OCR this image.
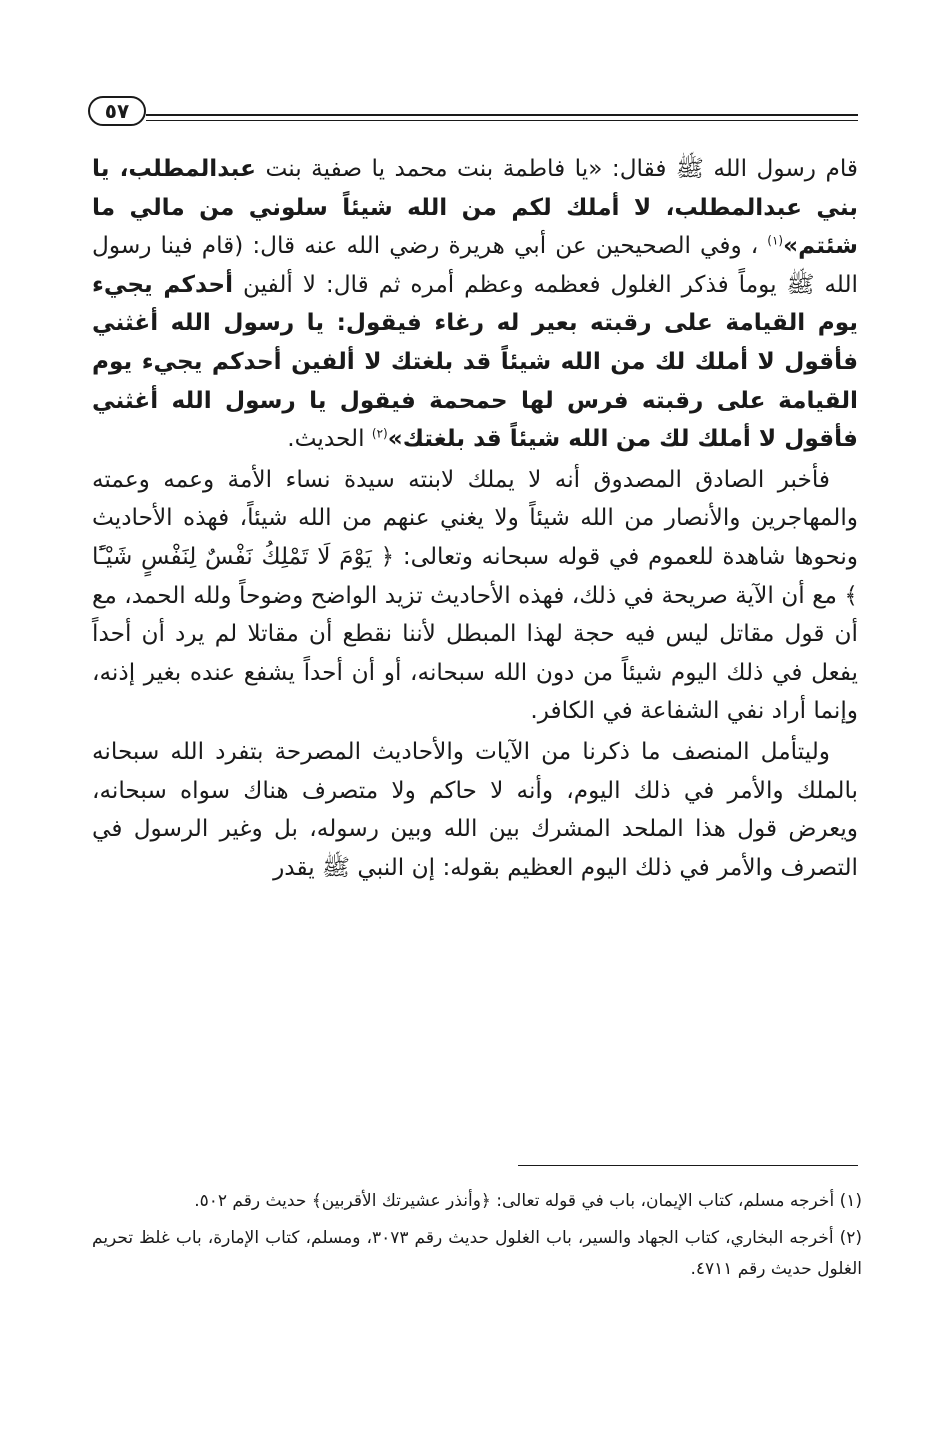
٥٧

قام رسول الله ﷺ فقال: «يا فاطمة بنت محمد يا صفية بنت عبدالمطلب، يا بني عبدالمطلب، لا أملك لكم من الله شيئاً سلوني من مالي ما شئتم»$^{(١)}$ ، وفي الصحيحين عن أبي هريرة رضي الله عنه قال: (قام فينا رسول الله ﷺ يوماً فذكر الغلول فعظمه وعظم أمره ثم قال: لا ألفين أحدكم يجيء يوم القيامة على رقبته بعير له رغاء فيقول: يا رسول الله أغثني فأقول لا أملك لك من الله شيئاً قد بلغتك لا ألفين أحدكم يجيء يوم القيامة على رقبته فرس لها حمحمة فيقول يا رسول الله أغثني فأقول لا أملك لك من الله شيئاً قد بلغتك»$^{(٢)}$ الحديث.

فأخبر الصادق المصدوق أنه لا يملك لابنته سيدة نساء الأمة وعمه وعمته والمهاجرين والأنصار من الله شيئاً ولا يغني عنهم من الله شيئاً، فهذه الأحاديث ونحوها شاهدة للعموم في قوله سبحانه وتعالى: ﴿ يَوْمَ لَا تَمْلِكُ نَفْسٌ لِنَفْسٍ شَيْـًٔا ﴾ مع أن الآية صريحة في ذلك، فهذه الأحاديث تزيد الواضح وضوحاً ولله الحمد، مع أن قول مقاتل ليس فيه حجة لهذا المبطل لأننا نقطع أن مقاتلا لم يرد أن أحداً يفعل في ذلك اليوم شيئاً من دون الله سبحانه، أو أن أحداً يشفع عنده بغير إذنه، وإنما أراد نفي الشفاعة في الكافر.

وليتأمل المنصف ما ذكرنا من الآيات والأحاديث المصرحة بتفرد الله سبحانه بالملك والأمر في ذلك اليوم، وأنه لا حاكم ولا متصرف هناك سواه سبحانه، ويعرض قول هذا الملحد المشرك بين الله وبين رسوله، بل وغير الرسول في التصرف والأمر في ذلك اليوم العظيم بقوله: إن النبي ﷺ يقدر

(١) أخرجه مسلم، كتاب الإيمان، باب في قوله تعالى: ﴿وأنذر عشيرتك الأقربين﴾ حديث رقم ٥٠٢.

(٢) أخرجه البخاري، كتاب الجهاد والسير، باب الغلول حديث رقم ٣٠٧٣، ومسلم، كتاب الإمارة، باب غلظ تحريم الغلول حديث رقم ٤٧١١.
